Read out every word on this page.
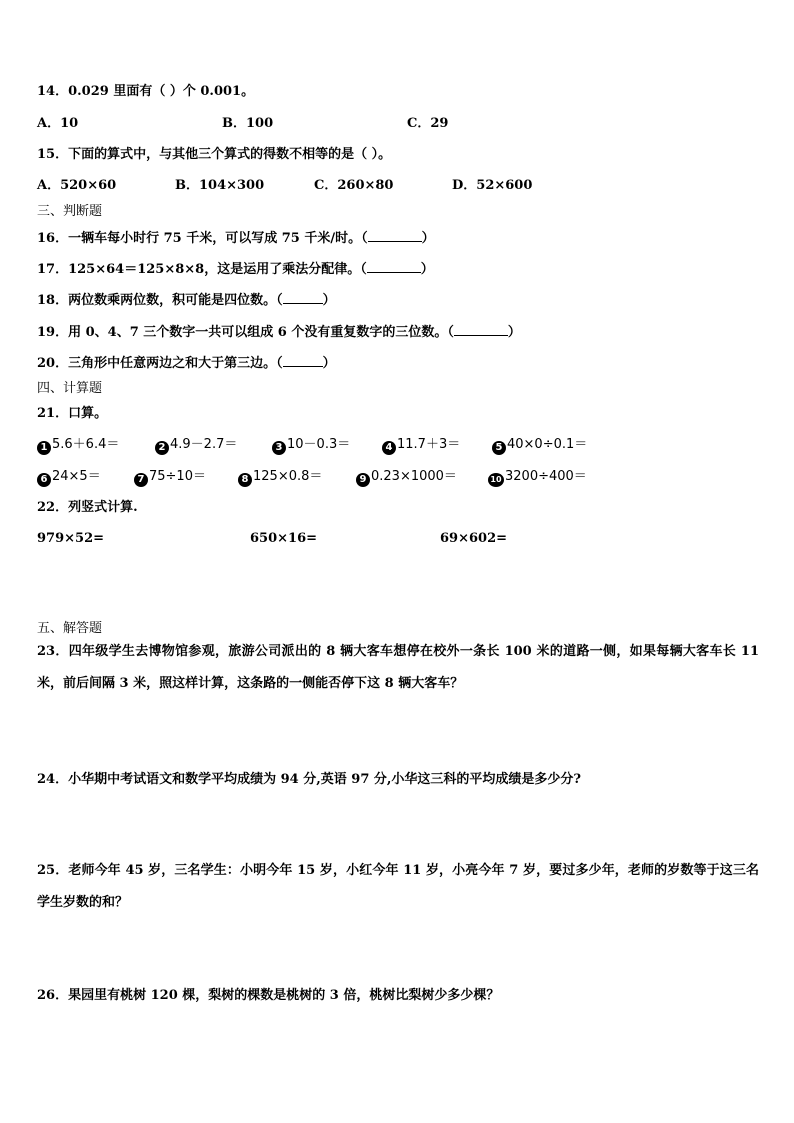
14．0.029 里面有（ ）个 0.001。
A．10	B．100	C．29
15．下面的算式中，与其他三个算式的得数不相等的是（ ）。
A．520×60	B．104×300	C．260×80	D．52×600
三、判断题
16．一辆车每小时行 75 千米，可以写成 75 千米/时。（	）
17．125×64＝125×8×8，这是运用了乘法分配律。（	）
18．两位数乘两位数，积可能是四位数。（	）
19．用 0、4、7 三个数字一共可以组成 6 个没有重复数字的三位数。（	）
20．三角形中任意两边之和大于第三边。（	）
四、计算题
21．口算。
1 5.6＋6.4＝	2 4.9－2.7＝	3 10－0.3＝	4 11.7＋3＝	5 40×0÷0.1＝
6 24×5＝	7 75÷10＝	8 125×0.8＝	9 0.23×1000＝	10 3200÷400＝
22．列竖式计算.
979×52=	650×16=	69×602=
五、解答题
23．四年级学生去博物馆参观，旅游公司派出的 8 辆大客车想停在校外一条长 100 米的道路一侧，如果每辆大客车长 11 米，前后间隔 3 米，照这样计算，这条路的一侧能否停下这 8 辆大客车？
24．小华期中考试语文和数学平均成绩为 94 分,英语 97 分,小华这三科的平均成绩是多少分?
25．老师今年 45 岁，三名学生：小明今年 15 岁，小红今年 11 岁，小亮今年 7 岁，要过多少年，老师的岁数等于这三名学生岁数的和？
26．果园里有桃树 120 棵，梨树的棵数是桃树的 3 倍，桃树比梨树少多少棵？
